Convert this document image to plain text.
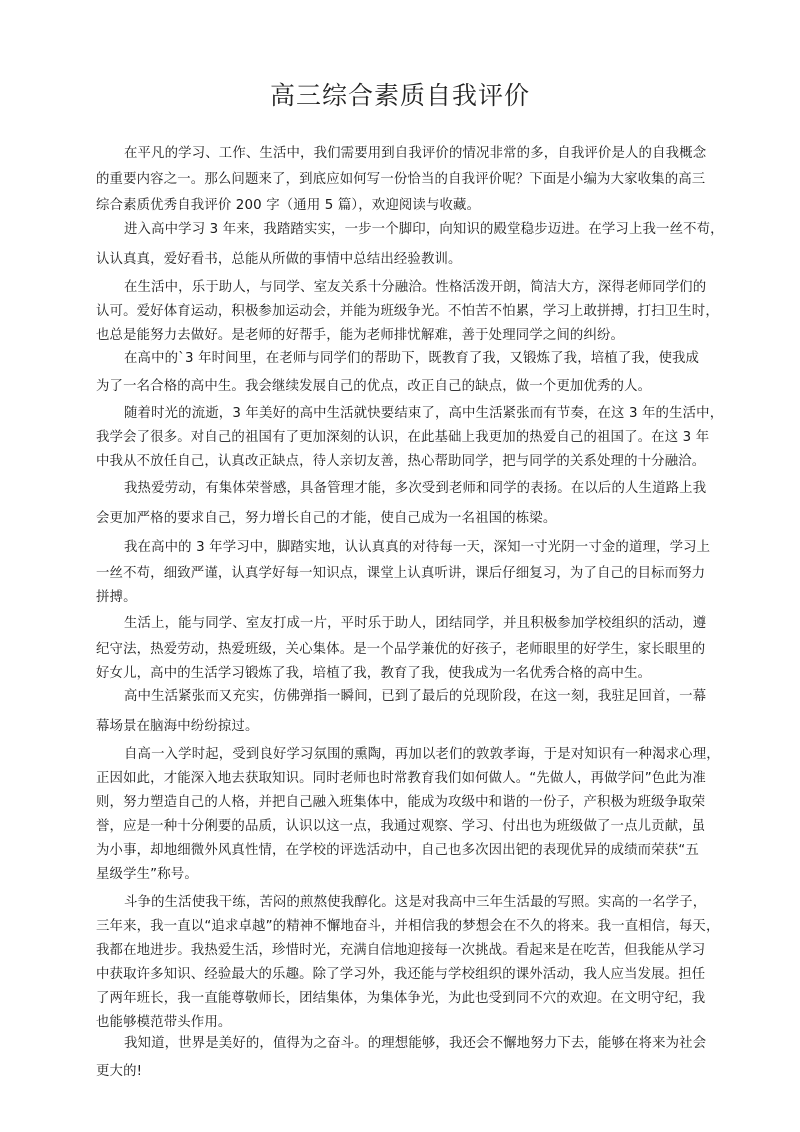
高三综合素质自我评价
在平凡的学习、工作、生活中，我们需要用到自我评价的情况非常的多，自我评价是人的自我概念
的重要内容之一。那么问题来了，到底应如何写一份恰当的自我评价呢？下面是小编为大家收集的高三
综合素质优秀自我评价 200 字（通用 5 篇），欢迎阅读与收藏。
进入高中学习 3 年来，我踏踏实实，一步一个脚印，向知识的殿堂稳步迈进。在学习上我一丝不苟，
认认真真，爱好看书，总能从所做的事情中总结出经验教训。
在生活中，乐于助人，与同学、室友关系十分融洽。性格活泼开朗，简洁大方，深得老师同学们的
认可。爱好体育运动，积极参加运动会，并能为班级争光。不怕苦不怕累，学习上敢拼搏，打扫卫生时，
也总是能努力去做好。是老师的好帮手，能为老师排忧解难，善于处理同学之间的纠纷。
在高中的`3 年时间里，在老师与同学们的帮助下，既教育了我，又锻炼了我，培植了我，使我成
为了一名合格的高中生。我会继续发展自己的优点，改正自己的缺点，做一个更加优秀的人。
随着时光的流逝，3 年美好的高中生活就快要结束了，高中生活紧张而有节奏，在这 3 年的生活中，
我学会了很多。对自己的祖国有了更加深刻的认识，在此基础上我更加的热爱自己的祖国了。在这 3 年
中我从不放任自己，认真改正缺点，待人亲切友善，热心帮助同学，把与同学的关系处理的十分融洽。
我热爱劳动，有集体荣誉感，具备管理才能，多次受到老师和同学的表扬。在以后的人生道路上我
会更加严格的要求自己，努力增长自己的才能，使自己成为一名祖国的栋梁。
我在高中的 3 年学习中，脚踏实地，认认真真的对待每一天，深知一寸光阴一寸金的道理，学习上
一丝不苟，细致严谨，认真学好每一知识点，课堂上认真听讲，课后仔细复习，为了自己的目标而努力
拼搏。
生活上，能与同学、室友打成一片，平时乐于助人，团结同学，并且积极参加学校组织的活动，遵
纪守法，热爱劳动，热爱班级，关心集体。是一个品学兼优的好孩子，老师眼里的好学生，家长眼里的
好女儿，高中的生活学习锻炼了我，培植了我，教育了我，使我成为一名优秀合格的高中生。
高中生活紧张而又充实，仿佛弹指一瞬间，已到了最后的兑现阶段，在这一刻，我驻足回首，一幕
幕场景在脑海中纷纷掠过。
自高一入学时起，受到良好学习氛围的熏陶，再加以老们的敦敦孝诲，于是对知识有一种渴求心理，
正因如此，才能深入地去获取知识。同时老师也时常教育我们如何做人。“先做人，再做学问”色此为准
则，努力塑造自己的人格，并把自己融入班集体中，能成为攻级中和谐的一份子，产积极为班级争取荣
誉，应是一种十分俐要的品质，认识以这一点，我通过观察、学习、付出也为班级做了一点儿贡献，虽
为小事，却地细微外风真性情，在学校的评选活动中，自己也多次因出钯的表现优异的成绩而荣获“五
星级学生”称号。
斗争的生活使我干练，苦闷的煎熬使我醇化。这是对我高中三年生活最的写照。实高的一名学子，
三年来，我一直以“追求卓越”的精神不懈地奋斗，并相信我的梦想会在不久的将来。我一直相信，每天，
我都在地进步。我热爱生活，珍惜时光，充满自信地迎接每一次挑战。看起来是在吃苦，但我能从学习
中获取许多知识、经验最大的乐趣。除了学习外，我还能与学校组织的课外活动，我人应当发展。担任
了两年班长，我一直能尊敬师长，团结集体，为集体争光，为此也受到同不穴的欢迎。在文明守纪，我
也能够模范带头作用。
我知道，世界是美好的，值得为之奋斗。的理想能够，我还会不懈地努力下去，能够在将来为社会
更大的!
